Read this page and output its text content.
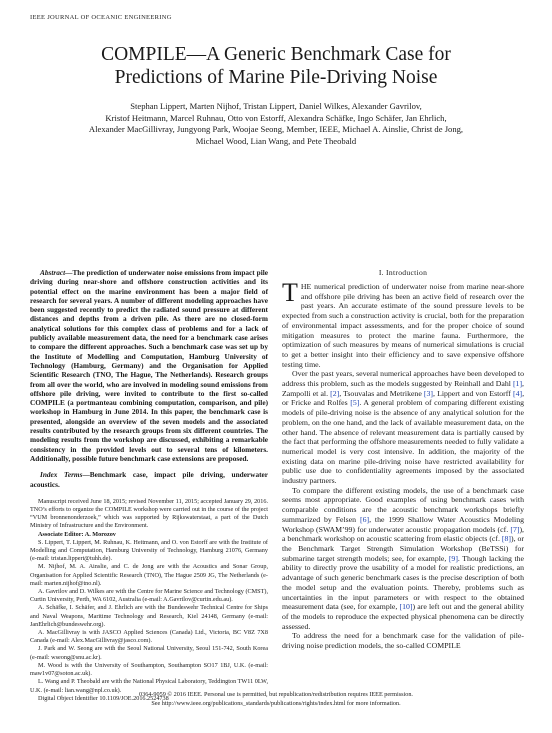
IEEE JOURNAL OF OCEANIC ENGINEERING
COMPILE—A Generic Benchmark Case for
Predictions of Marine Pile-Driving Noise
Stephan Lippert, Marten Nijhof, Tristan Lippert, Daniel Wilkes, Alexander Gavrilov,
Kristof Heitmann, Marcel Ruhnau, Otto von Estorff, Alexandra Schäfke, Ingo Schäfer, Jan Ehrlich,
Alexander MacGillivray, Jungyong Park, Woojae Seong, Member, IEEE, Michael A. Ainslie, Christ de Jong,
Michael Wood, Lian Wang, and Pete Theobald

Abstract—The prediction of underwater noise emissions from impact pile driving during near-shore and offshore construction activities and its potential effect on the marine environment has been a major field of research for several years. A number of different modeling approaches have been suggested recently to predict the radiated sound pressure at different distances and depths from a driven pile. As there are no closed-form analytical solutions for this complex class of problems and for a lack of publicly available measurement data, the need for a benchmark case arises to compare the different approaches. Such a benchmark case was set up by the Institute of Modelling and Computation, Hamburg University of Technology (Hamburg, Germany) and the Organisation for Applied Scientific Research (TNO, The Hague, The Netherlands). Research groups from all over the world, who are involved in modeling sound emissions from offshore pile driving, were invited to contribute to the first so-called COMPILE (a portmanteau combining computation, comparison, and pile) workshop in Hamburg in June 2014. In this paper, the benchmark case is presented, alongside an overview of the seven models and the associated results contributed by the research groups from six different countries. The modeling results from the workshop are discussed, exhibiting a remarkable consistency in the provided levels out to several tens of kilometers. Additionally, possible future benchmark case extensions are proposed.

Index Terms—Benchmark case, impact pile driving, underwater acoustics.

Manuscript received June 18, 2015; revised November 11, 2015; accepted January 29, 2016. TNO’s efforts to organize the COMPILE workshop were carried out in the course of the project “VUM bronnenonderzoek,” which was supported by Rijkswaterstaat, a part of the Dutch Ministry of Infrastructure and the Environment.

Associate Editor: A. Morozov

S. Lippert, T. Lippert, M. Ruhnau, K. Heitmann, and O. von Estorff are with the Institute of Modelling and Computation, Hamburg University of Technology, Hamburg 21076, Germany (e-mail: tristan.lippert@tuhh.de).

M. Nijhof, M. A. Ainslie, and C. de Jong are with the Acoustics and Sonar Group, Organisation for Applied Scientific Research (TNO), The Hague 2509 JG, The Netherlands (e-mail: marten.nijhof@tno.nl).

A. Gavrilov and D. Wilkes are with the Centre for Marine Science and Technology (CMST), Curtin University, Perth, WA 6102, Australia (e-mail: A.Gavrilov@curtin.edu.au).

A. Schäfke, I. Schäfer, and J. Ehrlich are with the Bundeswehr Technical Centre for Ships and Naval Weapons, Maritime Technology and Research, Kiel 24148, Germany (e-mail: JanEhrlich@bundeswehr.org).

A. MacGillivray is with JASCO Applied Sciences (Canada) Ltd., Victoria, BC V8Z 7X8 Canada (e-mail: Alex.MacGillivray@jasco.com).

J. Park and W. Seong are with the Seoul National University, Seoul 151-742, South Korea (e-mail: wseong@snu.ac.kr).

M. Wood is with the University of Southampton, Southampton SO17 1BJ, U.K. (e-mail: maw1v07@soton.ac.uk).

L. Wang and P. Theobald are with the National Physical Laboratory, Teddington TW11 0LW, U.K. (e-mail: lian.wang@npl.co.uk).

Digital Object Identifier 10.1109/JOE.2016.2524738

I. Introduction

THE numerical prediction of underwater noise from marine near-shore and offshore pile driving has been an active field of research over the past years. An accurate estimate of the sound pressure levels to be expected from such a construction activity is crucial, both for the preparation of environmental impact assessments, and for the proper choice of sound mitigation measures to protect the marine fauna. Furthermore, the optimization of such measures by means of numerical simulations is crucial to get a better insight into their efficiency and to save expensive offshore testing time.

Over the past years, several numerical approaches have been developed to address this problem, such as the models suggested by Reinhall and Dahl [1], Zampolli et al. [2], Tsouvalas and Metrikene [3], Lippert and von Estorff [4], or Fricke and Rolfes [5]. A general problem of comparing different existing models of pile-driving noise is the absence of any analytical solution for the problem, on the one hand, and the lack of available measurement data, on the other hand. The absence of relevant measurement data is partially caused by the fact that performing the offshore measurements needed to fully validate a numerical model is very cost intensive. In addition, the majority of the existing data on marine pile-driving noise have restricted availability for public use due to confidentiality agreements imposed by the associated industry partners.

To compare the different existing models, the use of a benchmark case seems most appropriate. Good examples of using benchmark cases with comparable conditions are the acoustic benchmark workshops briefly summarized by Felsen [6], the 1999 Shallow Water Acoustics Modeling Workshop (SWAM’99) for underwater acoustic propagation models (cf. [7]), a benchmark workshop on acoustic scattering from elastic objects (cf. [8]), or the Benchmark Target Strength Simulation Workshop (BeTSSi) for submarine target strength models; see, for example, [9]. Though lacking the ability to directly prove the usability of a model for realistic predictions, an advantage of such generic benchmark cases is the precise description of both the model setup and the evaluation points. Thereby, problems such as uncertainties in the input parameters or with respect to the obtained measurement data (see, for example, [10]) are left out and the general ability of the models to reproduce the expected physical phenomena can be directly assessed.

To address the need for a benchmark case for the validation of pile-driving noise prediction models, the so-called COMPILE

0364-9059 © 2016 IEEE. Personal use is permitted, but republication/redistribution requires IEEE permission.
See http://www.ieee.org/publications_standards/publications/rights/index.html for more information.
